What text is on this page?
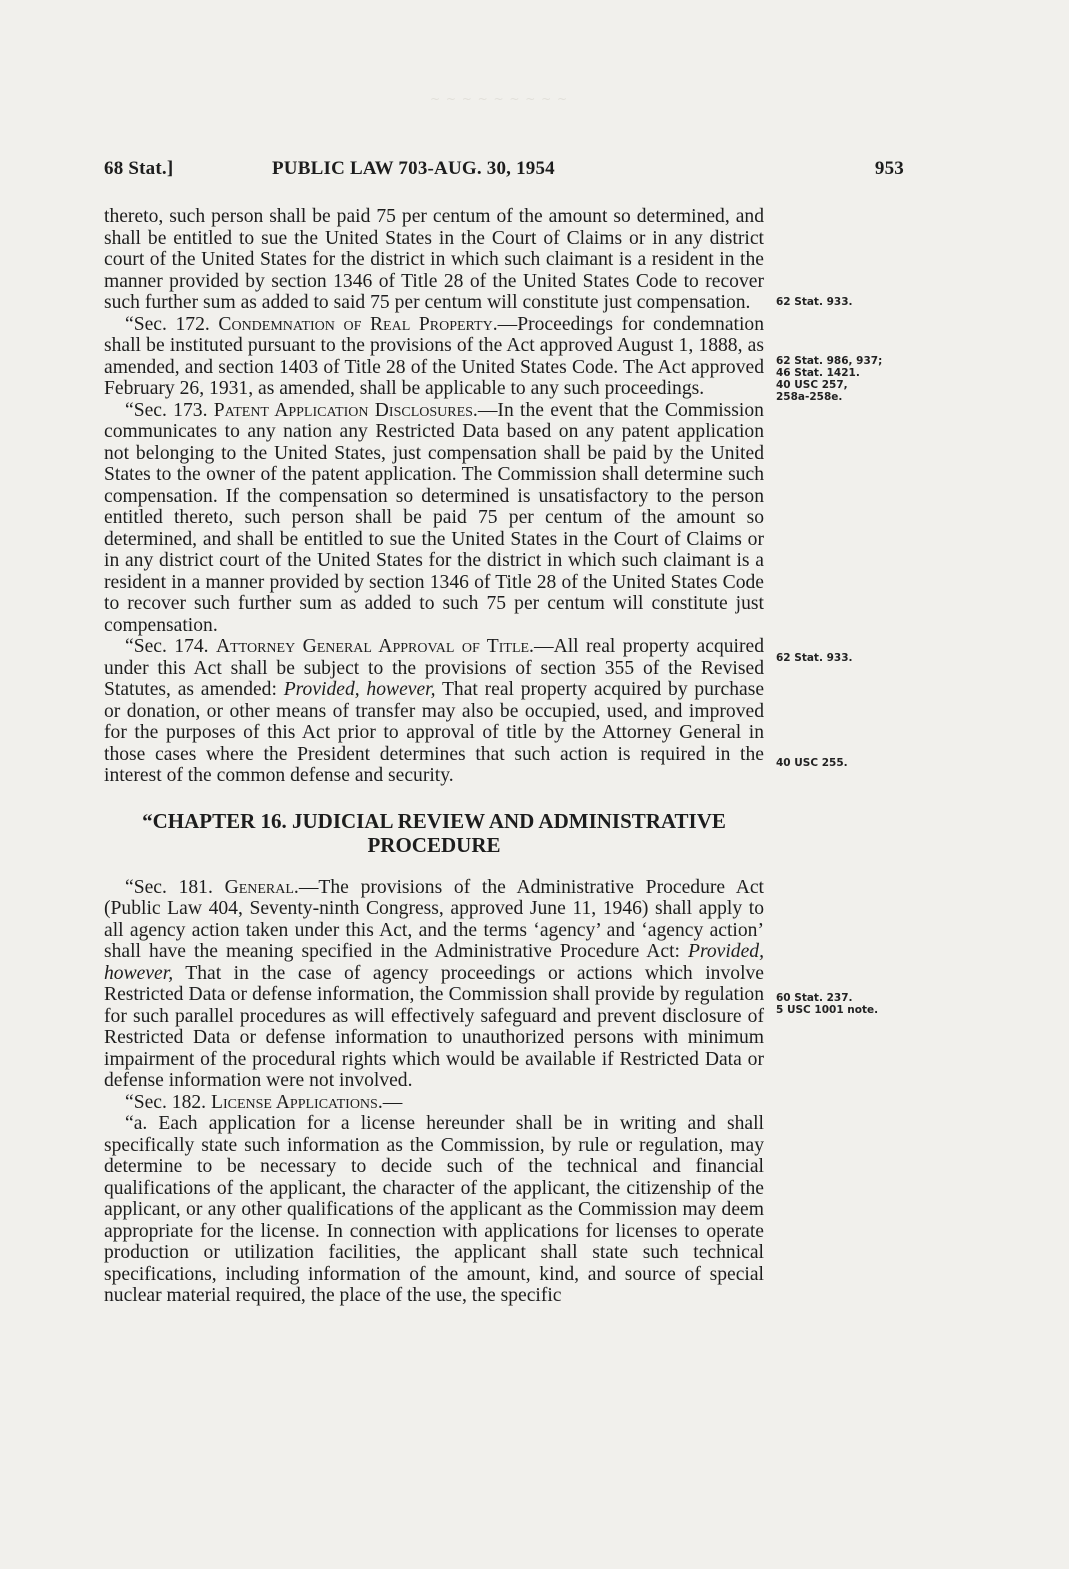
~ ~ ~ ~ ~ ~ ~ ~ ~
68 Stat.]	PUBLIC LAW 703-AUG. 30, 1954	953

thereto, such person shall be paid 75 per centum of the amount so determined, and shall be entitled to sue the United States in the Court of Claims or in any district court of the United States for the district in which such claimant is a resident in the manner provided by section 1346 of Title 28 of the United States Code to recover such further sum as added to said 75 per centum will constitute just compensation.

“Sec. 172. Condemnation of Real Property.—Proceedings for condemnation shall be instituted pursuant to the provisions of the Act approved August 1, 1888, as amended, and section 1403 of Title 28 of the United States Code. The Act approved February 26, 1931, as amended, shall be applicable to any such proceedings.

“Sec. 173. Patent Application Disclosures.—In the event that the Commission communicates to any nation any Restricted Data based on any patent application not belonging to the United States, just compensation shall be paid by the United States to the owner of the patent application. The Commission shall determine such compensation. If the compensation so determined is unsatisfactory to the person entitled thereto, such person shall be paid 75 per centum of the amount so determined, and shall be entitled to sue the United States in the Court of Claims or in any district court of the United States for the district in which such claimant is a resident in a manner provided by section 1346 of Title 28 of the United States Code to recover such further sum as added to such 75 per centum will constitute just compensation.

“Sec. 174. Attorney General Approval of Title.—All real property acquired under this Act shall be subject to the provisions of section 355 of the Revised Statutes, as amended: Provided, however, That real property acquired by purchase or donation, or other means of transfer may also be occupied, used, and improved for the purposes of this Act prior to approval of title by the Attorney General in those cases where the President determines that such action is required in the interest of the common defense and security.

“CHAPTER 16. JUDICIAL REVIEW AND ADMINISTRATIVE PROCEDURE

“Sec. 181. General.—The provisions of the Administrative Procedure Act (Public Law 404, Seventy-ninth Congress, approved June 11, 1946) shall apply to all agency action taken under this Act, and the terms ‘agency’ and ‘agency action’ shall have the meaning specified in the Administrative Procedure Act: Provided, however, That in the case of agency proceedings or actions which involve Restricted Data or defense information, the Commission shall provide by regulation for such parallel procedures as will effectively safeguard and prevent disclosure of Restricted Data or defense information to unauthorized persons with minimum impairment of the procedural rights which would be available if Restricted Data or defense information were not involved.

“Sec. 182. License Applications.—

“a. Each application for a license hereunder shall be in writing and shall specifically state such information as the Commission, by rule or regulation, may determine to be necessary to decide such of the technical and financial qualifications of the applicant, the character of the applicant, the citizenship of the applicant, or any other qualifications of the applicant as the Commission may deem appropriate for the license. In connection with applications for licenses to operate production or utilization facilities, the applicant shall state such technical specifications, including information of the amount, kind, and source of special nuclear material required, the place of the use, the specific

62 Stat. 933.
62 Stat. 986, 937;
46 Stat. 1421.
40 USC 257,
258a-258e.
62 Stat. 933.
40 USC 255.
60 Stat. 237.
5 USC 1001 note.
